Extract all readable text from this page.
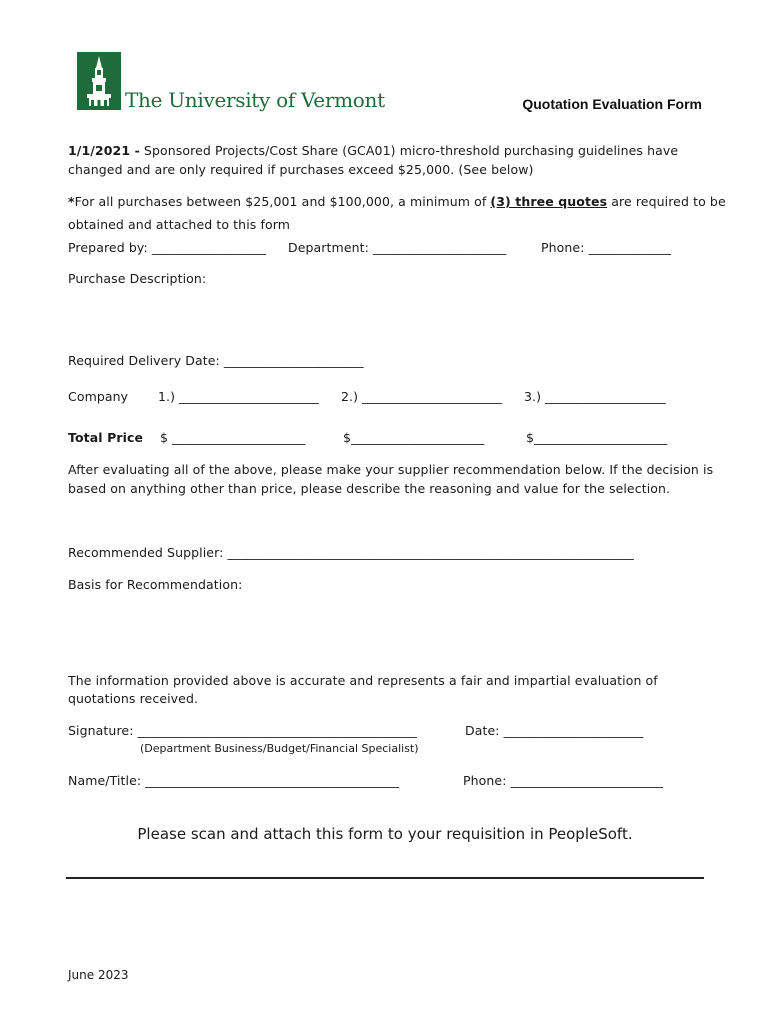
The University of Vermont	Quotation Evaluation Form
1/1/2021 - Sponsored Projects/Cost Share (GCA01) micro-threshold purchasing guidelines have
changed and are only required if purchases exceed $25,000. (See below)
*For all purchases between $25,001 and $100,000, a minimum of (3) three quotes are required to be
obtained and attached to this form
Prepared by: __________________ Department: _____________________	Phone: _____________
Purchase Description:
Required Delivery Date: ______________________
Company 1.) ______________________ 2.) ______________________ 3.) ___________________
Total Price $ _____________________	$_____________________	$_____________________
After evaluating all of the above, please make your supplier recommendation below. If the decision is
based on anything other than price, please describe the reasoning and value for the selection.
Recommended Supplier: ________________________________________________________________
Basis for Recommendation:
The information provided above is accurate and represents a fair and impartial evaluation of
quotations received.
Signature: ____________________________________________	Date: ______________________
(Department Business/Budget/Financial Specialist)
Name/Title: ________________________________________	Phone: ________________________
Please scan and attach this form to your requisition in PeopleSoft.
June 2023
